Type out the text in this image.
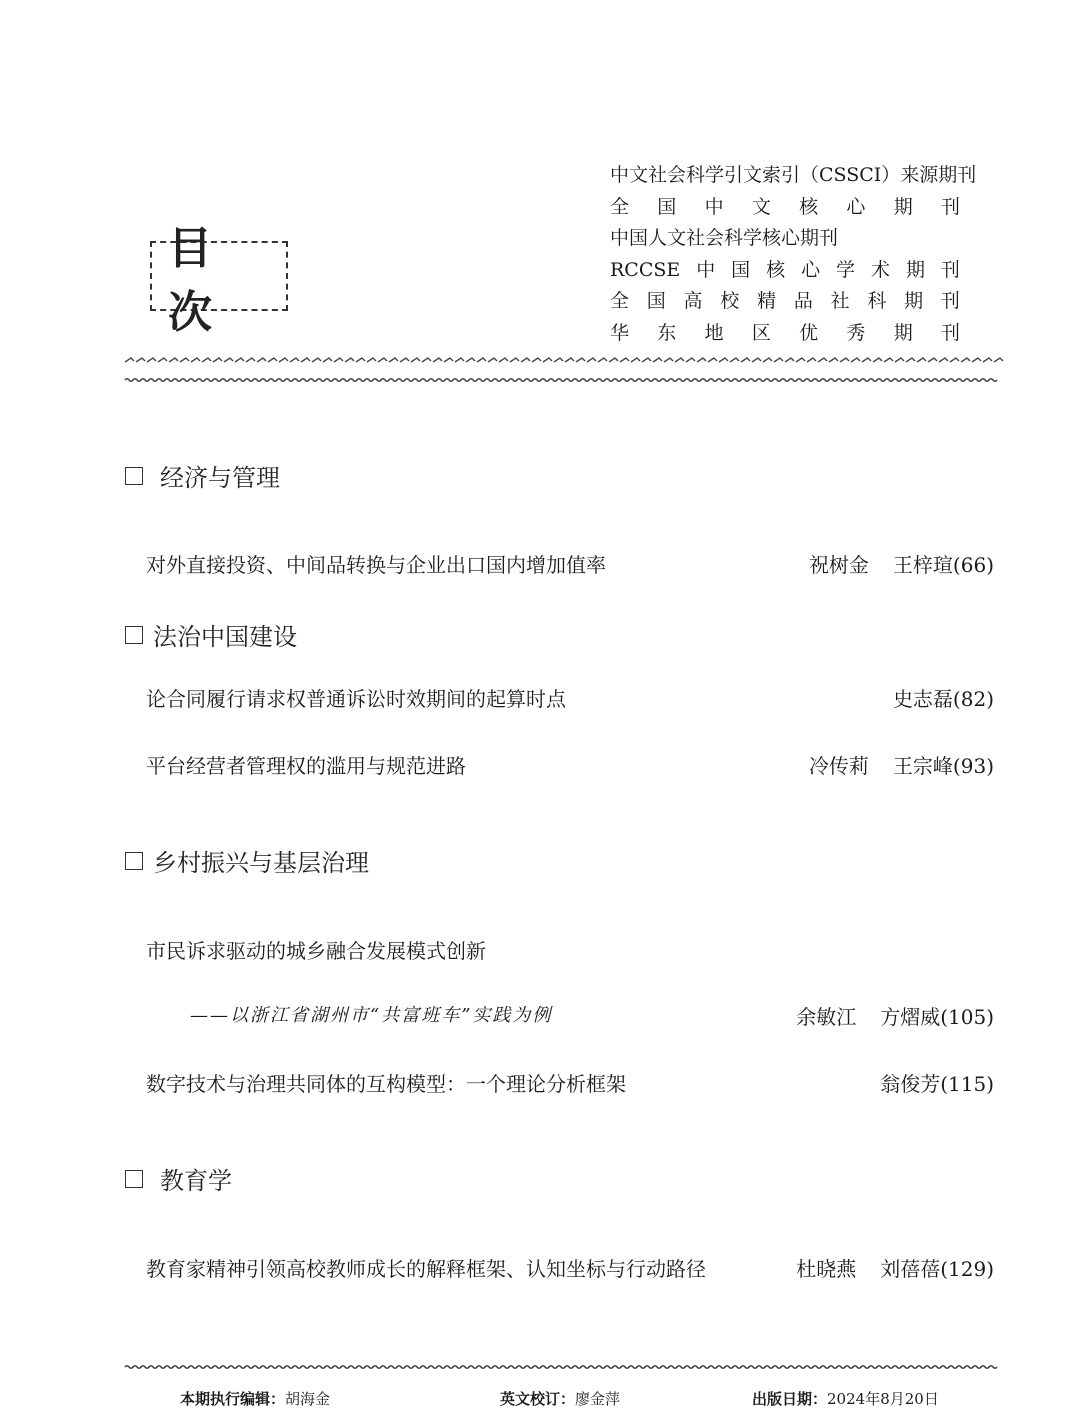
目 次
中文社会科学引文索引（CSSCI）来源期刊
全 国 中 文 核 心 期 刊
中国人文社会科学核心期刊
RCCSE 中 国 核 心 学 术 期 刊
全 国 高 校 精 品 社 科 期 刊
华 东 地 区 优 秀 期 刊
经济与管理
对外直接投资、中间品转换与企业出口国内增加值率	祝树金 王梓瑄(66)
法治中国建设
论合同履行请求权普通诉讼时效期间的起算时点	史志磊(82)
平台经营者管理权的滥用与规范进路	冷传莉 王宗峰(93)
乡村振兴与基层治理
市民诉求驱动的城乡融合发展模式创新
——以浙江省湖州市“共富班车”实践为例	余敏江 方熠威(105)
数字技术与治理共同体的互构模型：一个理论分析框架	翁俊芳(115)
教育学
教育家精神引领高校教师成长的解释框架、认知坐标与行动路径	杜晓燕 刘蓓蓓(129)
本期执行编辑：胡海金	英文校订：廖金萍	出版日期：2024年8月20日
